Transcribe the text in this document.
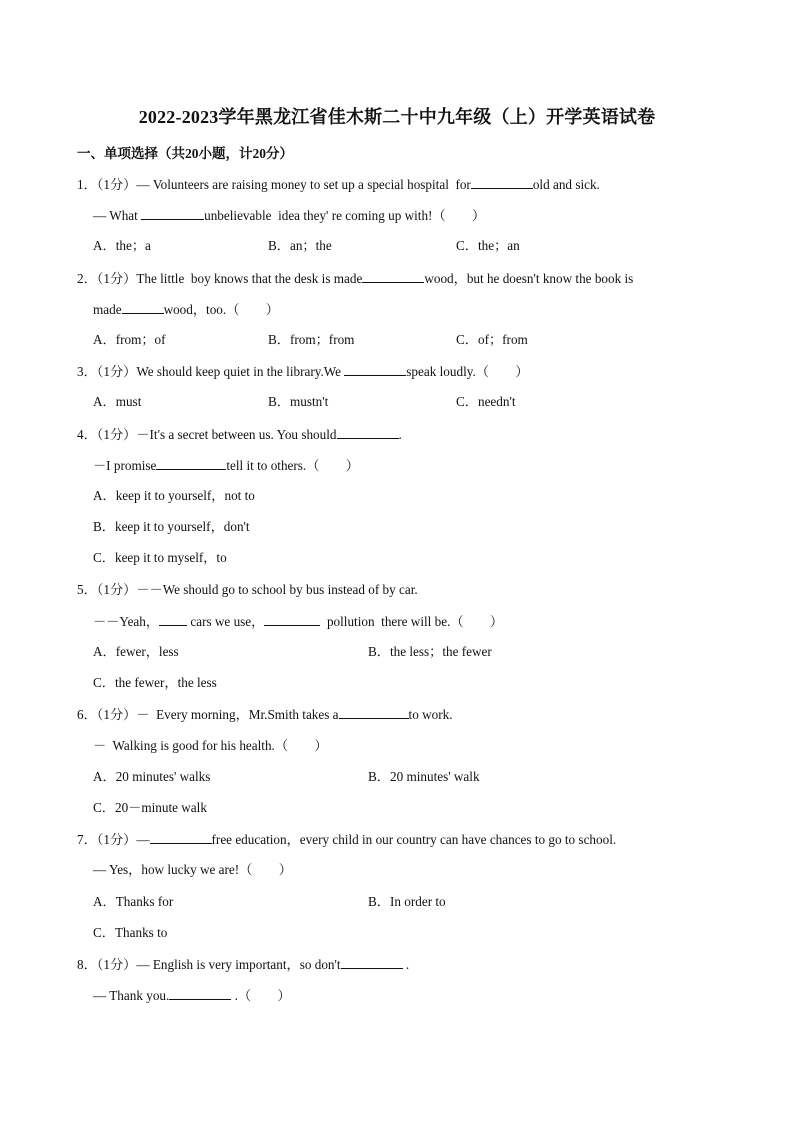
2022-2023学年黑龙江省佳木斯二十中九年级（上）开学英语试卷
一、单项选择（共20小题，计20分）
1．（1分）— Volunteers are raising money to set up a special hospital  for	old and sick.
— What	unbelievable  idea they' re coming up with!（　　）
A．the；a	B．an；the	C．the；an
2．（1分）The little  boy knows that the desk is made	wood，but he doesn't know the book is
made	wood，too.（　　）
A．from；of	B．from；from	C．of；from
3．（1分）We should keep quiet in the library.We	speak loudly.（　　）
A．must	B．mustn't	C．needn't
4．（1分）－It's a secret between us. You should	.
－I promise	tell it to others.（　　）
A．keep it to yourself，not to
B．keep it to yourself，don't
C．keep it to myself，to
5．（1分）－－We should go to school by bus instead of by car.
－－Yeah， cars we use，	pollution  there will be.（　　）
A．fewer，less	B．the less；the fewer
C．the fewer，the less
6．（1分）－  Every morning，Mr.Smith takes a	to work.
－  Walking is good for his health.（　　）
A．20 minutes' walks	B．20 minutes' walk
C．20－minute walk
7．（1分）—	free education，every child in our country can have chances to go to school.
— Yes，how lucky we are!（　　）
A．Thanks for	B．In order to
C．Thanks to
8．（1分）— English is very important，so don't	.
— Thank you.	.（　　）
